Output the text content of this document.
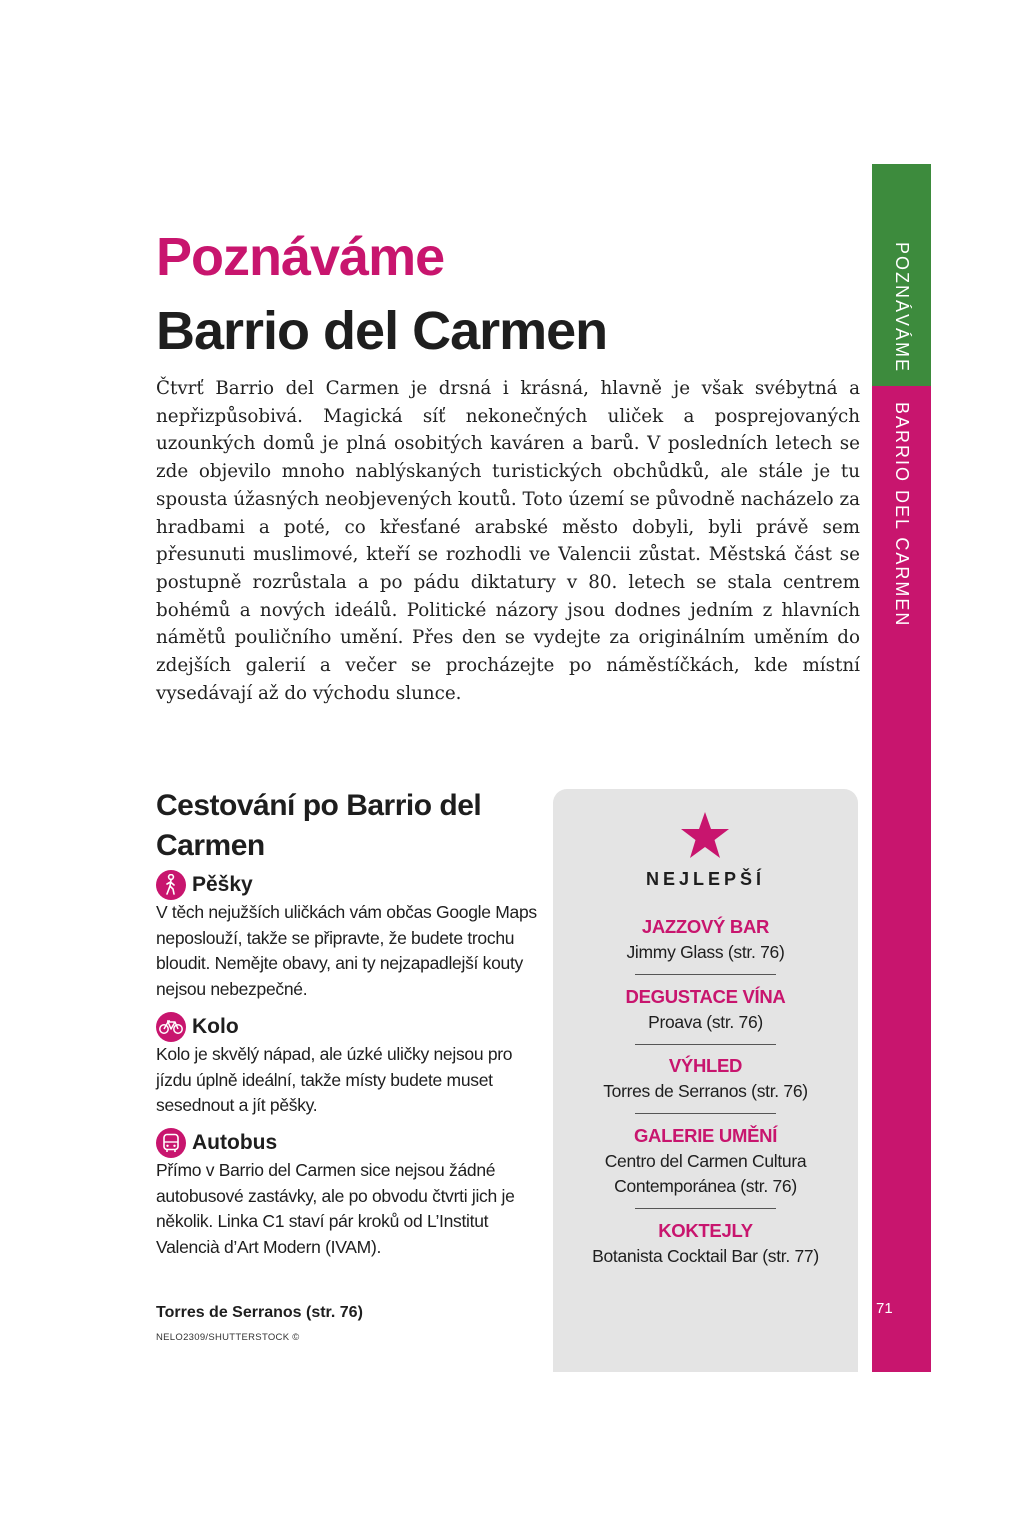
POZNÁVÁME
BARRIO DEL CARMEN
71
Poznáváme
Barrio del Carmen

Čtvrť Barrio del Carmen je drsná i krásná, hlavně je však svébytná a nepřizpůsobivá. Magická síť nekonečných uliček a posprejovaných uzounkých domů je plná osobitých kaváren a barů. V posledních letech se zde objevilo mnoho nablýskaných turistických obchůdků, ale stále je tu spousta úžasných neobjevených koutů. Toto území se původně nacházelo za hradbami a poté, co křesťané arabské město dobyli, byli právě sem přesunuti muslimové, kteří se rozhodli ve Valencii zůstat. Městská část se postupně rozrůstala a po pádu diktatury v 80. letech se stala centrem bohémů a nových ideálů. Politické názory jsou dodnes jedním z hlavních námětů pouličního umění. Přes den se vydejte za originálním uměním do zdejších galerií a večer se procházejte po náměstíčkách, kde místní vysedávají až do východu slunce.

Cestování po Barrio del Carmen
Pěšky

V těch nejužších uličkách vám občas Google Maps neposlouží, takže se připravte, že budete trochu bloudit. Nemějte obavy, ani ty nejzapadlejší kouty nejsou nebezpečné.

Kolo

Kolo je skvělý nápad, ale úzké uličky nejsou pro jízdu úplně ideální, takže místy budete muset sesednout a jít pěšky.

Autobus

Přímo v Barrio del Carmen sice nejsou žádné autobusové zastávky, ale po obvodu čtvrti jich je několik. Linka C1 staví pár kroků od L’Institut Valencià d’Art Modern (IVAM).

Torres de Serranos (str. 76)
NELO2309/SHUTTERSTOCK ©
NEJLEPŠÍ
JAZZOVÝ BAR
Jimmy Glass (str. 76)
DEGUSTACE VÍNA
Proava (str. 76)
VÝHLED
Torres de Serranos (str. 76)
GALERIE UMĚNÍ
Centro del Carmen Cultura Contemporánea (str. 76)
KOKTEJLY
Botanista Cocktail Bar (str. 77)
